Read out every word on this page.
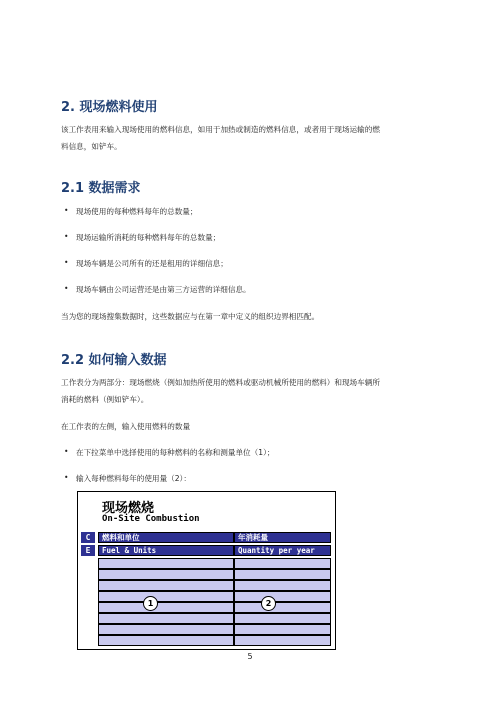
2. 现场燃料使用
该工作表用来输入现场使用的燃料信息，如用于加热或制造的燃料信息，或者用于现场运输的燃
料信息，如铲车。
2.1 数据需求
• 现场使用的每种燃料每年的总数量；
• 现场运输所消耗的每种燃料每年的总数量；
• 现场车辆是公司所有的还是租用的详细信息；
• 现场车辆由公司运营还是由第三方运营的详细信息。
当为您的现场搜集数据时，这些数据应与在第一章中定义的组织边界相匹配。
2.2 如何输入数据
工作表分为两部分：现场燃烧（例如加热所使用的燃料或驱动机械所使用的燃料）和现场车辆所
消耗的燃料（例如铲车）。
在工作表的左侧，输入使用燃料的数量
• 在下拉菜单中选择使用的每种燃料的名称和测量单位（1）；
• 输入每种燃料每年的使用量（2）：
现场燃烧
On-Site Combustion
C
E
燃料和单位	年消耗量
Fuel & Units	Quantity per year
1	2
5
